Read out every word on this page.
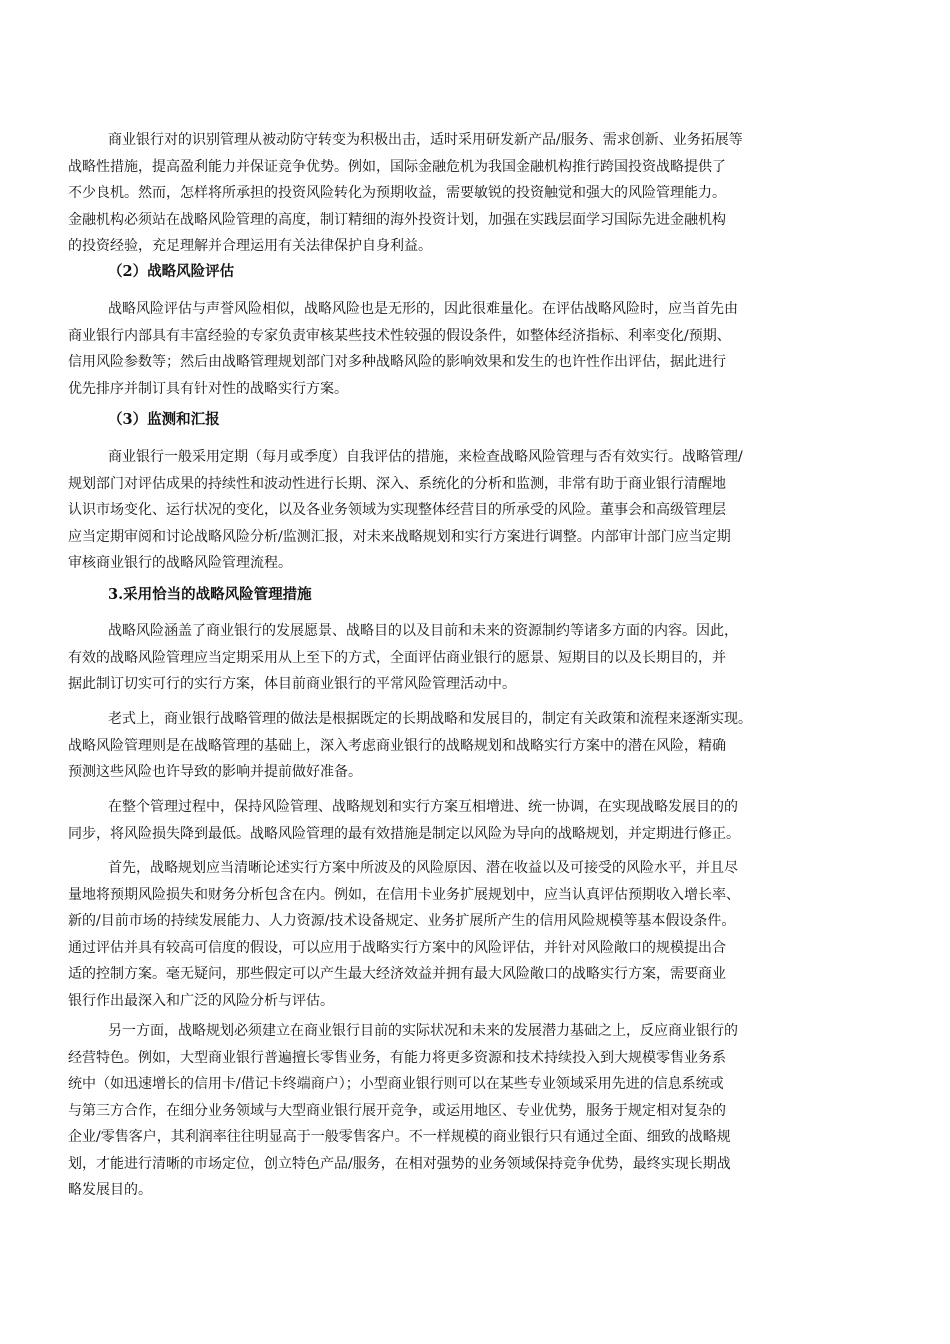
商业银行对的识别管理从被动防守转变为积极出击，适时采用研发新产品/服务、需求创新、业务拓展等
战略性措施，提高盈利能力并保证竞争优势。例如，国际金融危机为我国金融机构推行跨国投资战略提供了
不少良机。然而，怎样将所承担的投资风险转化为预期收益，需要敏锐的投资触觉和强大的风险管理能力。
金融机构必须站在战略风险管理的高度，制订精细的海外投资计划，加强在实践层面学习国际先进金融机构
的投资经验，充足理解并合理运用有关法律保护自身利益。
（2）战略风险评估
战略风险评估与声誉风险相似，战略风险也是无形的，因此很难量化。在评估战略风险时，应当首先由
商业银行内部具有丰富经验的专家负责审核某些技术性较强的假设条件，如整体经济指标、利率变化/预期、
信用风险参数等；然后由战略管理规划部门对多种战略风险的影响效果和发生的也许性作出评估，据此进行
优先排序并制订具有针对性的战略实行方案。
（3）监测和汇报
商业银行一般采用定期（每月或季度）自我评估的措施，来检查战略风险管理与否有效实行。战略管理/
规划部门对评估成果的持续性和波动性进行长期、深入、系统化的分析和监测，非常有助于商业银行清醒地
认识市场变化、运行状况的变化，以及各业务领域为实现整体经营目的所承受的风险。董事会和高级管理层
应当定期审阅和讨论战略风险分析/监测汇报，对未来战略规划和实行方案进行调整。内部审计部门应当定期
审核商业银行的战略风险管理流程。
3.采用恰当的战略风险管理措施
战略风险涵盖了商业银行的发展愿景、战略目的以及目前和未来的资源制约等诸多方面的内容。因此，
有效的战略风险管理应当定期采用从上至下的方式，全面评估商业银行的愿景、短期目的以及长期目的，并
据此制订切实可行的实行方案，体目前商业银行的平常风险管理活动中。
老式上，商业银行战略管理的做法是根据既定的长期战略和发展目的，制定有关政策和流程来逐渐实现。
战略风险管理则是在战略管理的基础上，深入考虑商业银行的战略规划和战略实行方案中的潜在风险，精确
预测这些风险也许导致的影响并提前做好准备。
在整个管理过程中，保持风险管理、战略规划和实行方案互相增进、统一协调，在实现战略发展目的的
同步，将风险损失降到最低。战略风险管理的最有效措施是制定以风险为导向的战略规划，并定期进行修正。
首先，战略规划应当清晰论述实行方案中所波及的风险原因、潜在收益以及可接受的风险水平，并且尽
量地将预期风险损失和财务分析包含在内。例如，在信用卡业务扩展规划中，应当认真评估预期收入增长率、
新的/目前市场的持续发展能力、人力资源/技术设备规定、业务扩展所产生的信用风险规模等基本假设条件。
通过评估并具有较高可信度的假设，可以应用于战略实行方案中的风险评估，并针对风险敞口的规模提出合
适的控制方案。毫无疑问，那些假定可以产生最大经济效益并拥有最大风险敞口的战略实行方案，需要商业
银行作出最深入和广泛的风险分析与评估。
另一方面，战略规划必须建立在商业银行目前的实际状况和未来的发展潜力基础之上，反应商业银行的
经营特色。例如，大型商业银行普遍擅长零售业务，有能力将更多资源和技术持续投入到大规模零售业务系
统中（如迅速增长的信用卡/借记卡终端商户）；小型商业银行则可以在某些专业领域采用先进的信息系统或
与第三方合作，在细分业务领域与大型商业银行展开竞争，或运用地区、专业优势，服务于规定相对复杂的
企业/零售客户，其利润率往往明显高于一般零售客户。不一样规模的商业银行只有通过全面、细致的战略规
划，才能进行清晰的市场定位，创立特色产品/服务，在相对强势的业务领域保持竞争优势，最终实现长期战
略发展目的。
